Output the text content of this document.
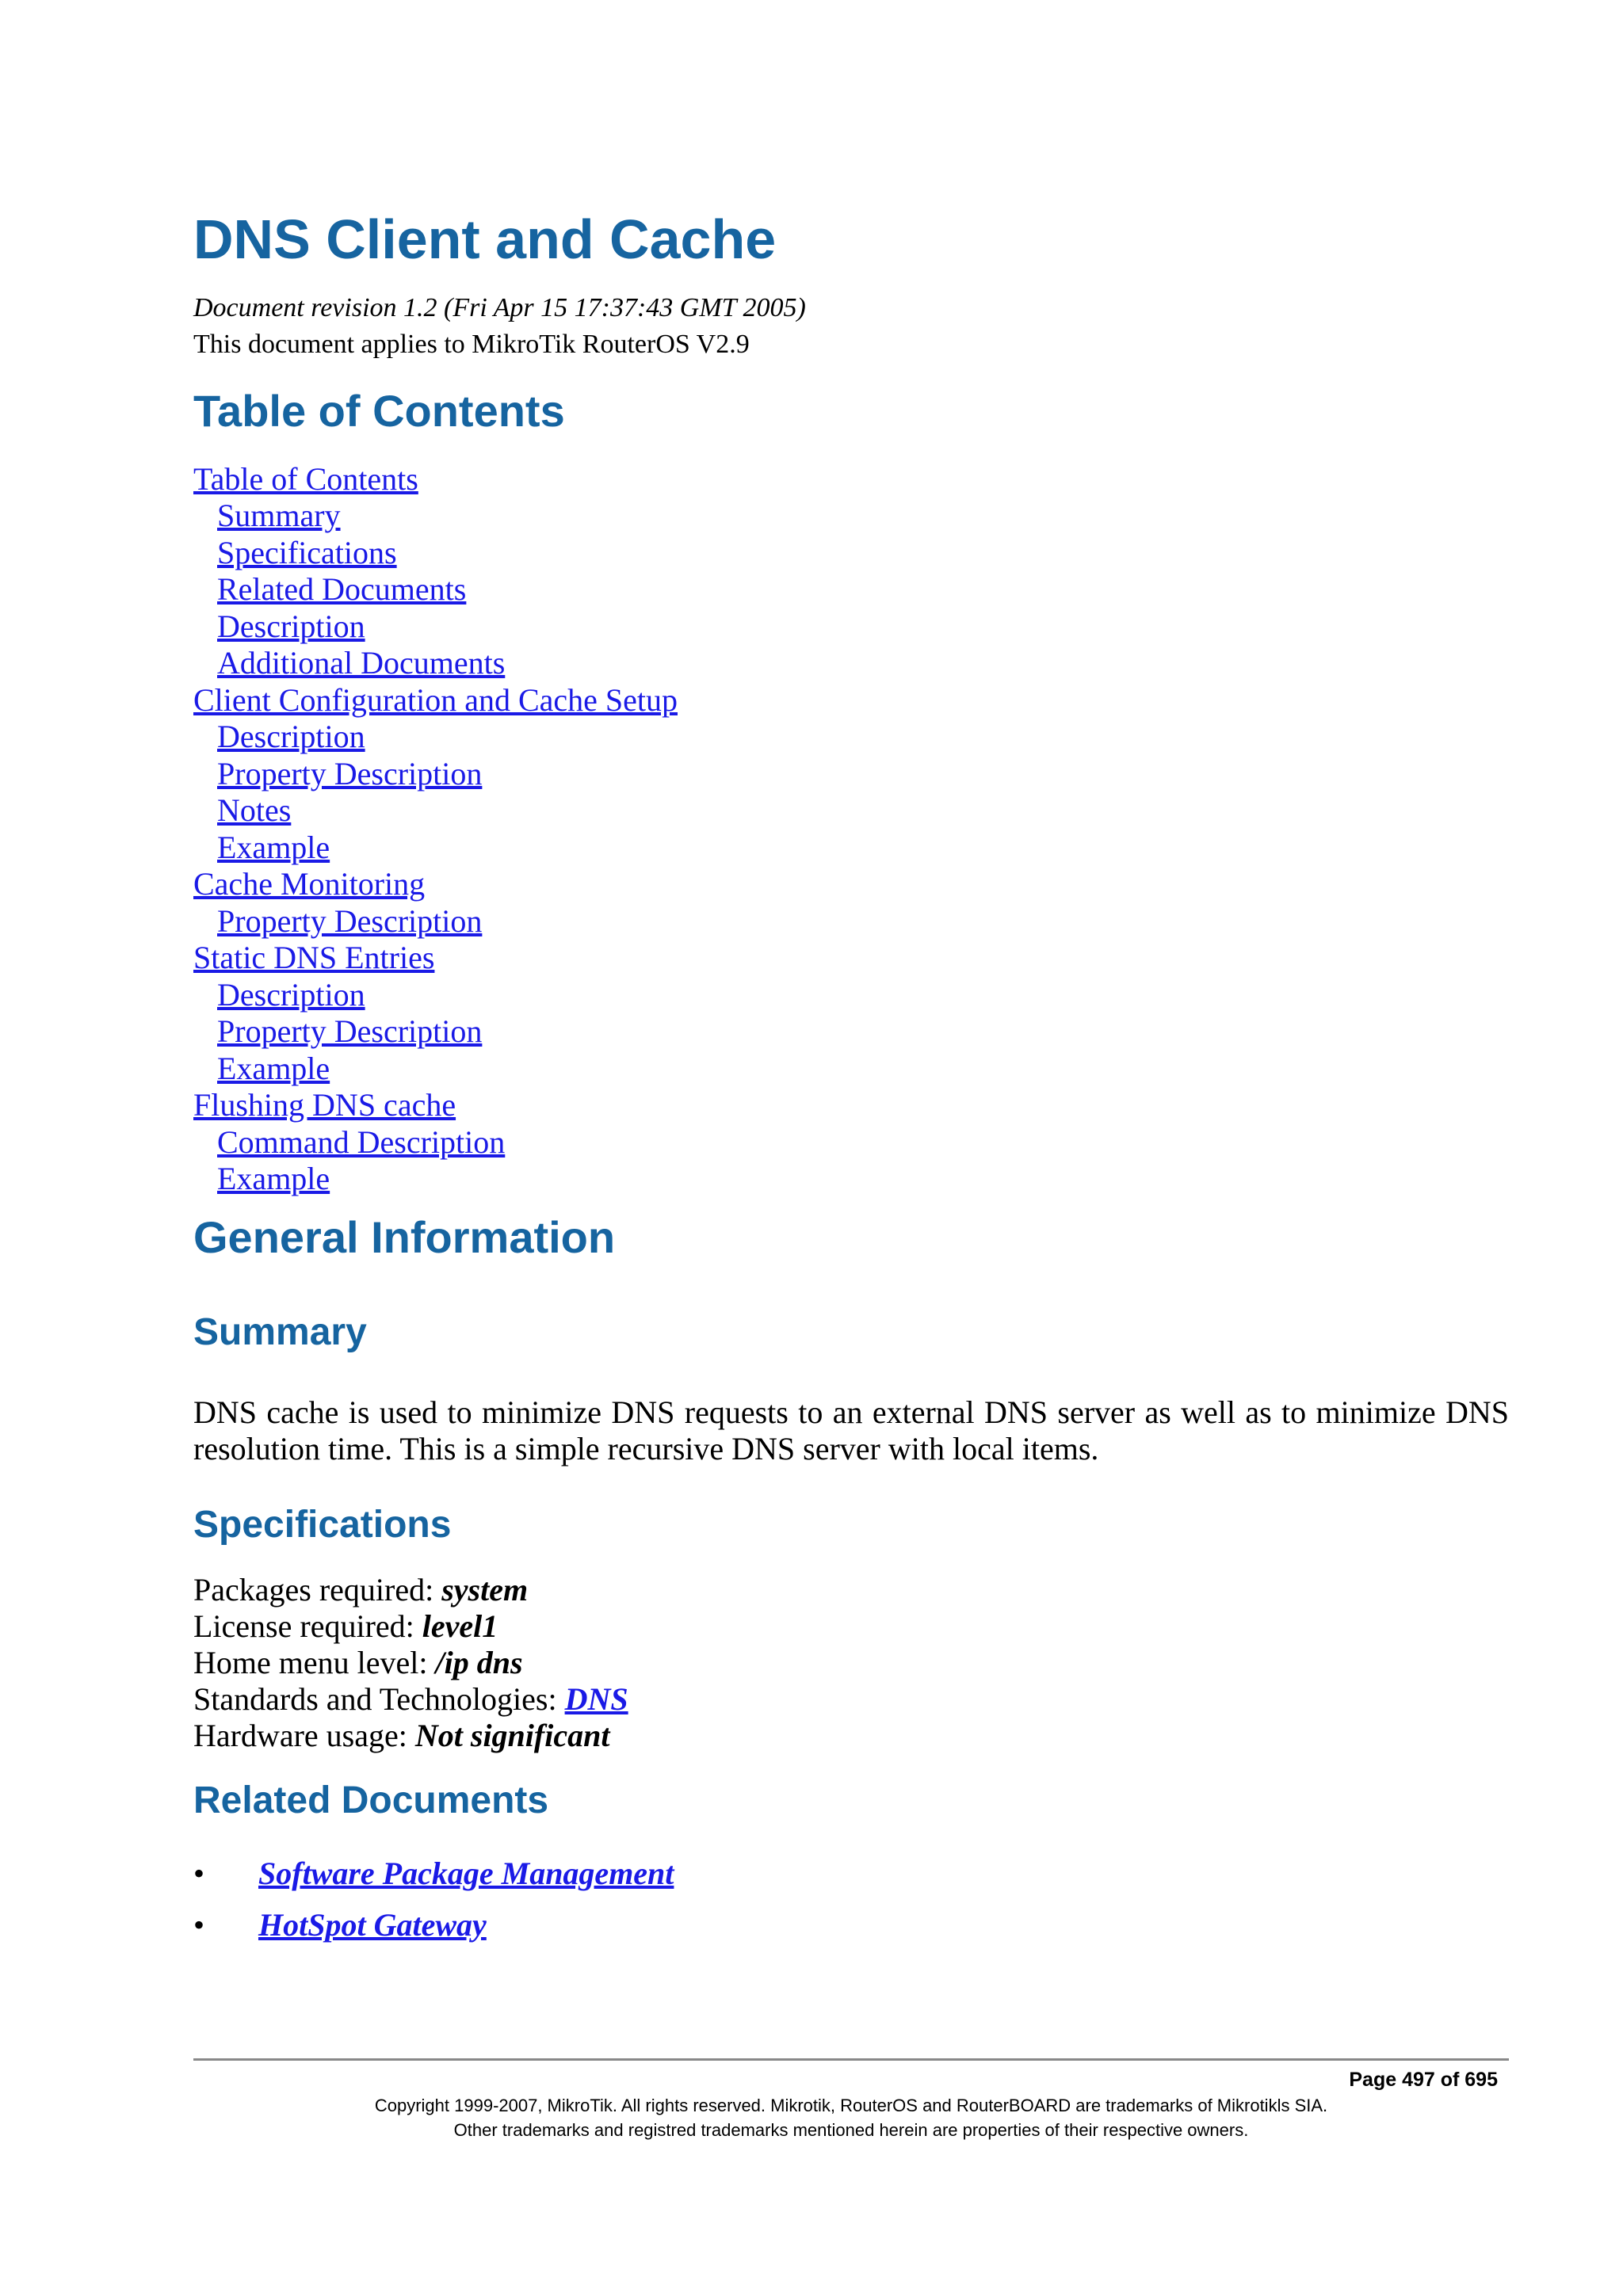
DNS Client and Cache
Document revision 1.2 (Fri Apr 15 17:37:43 GMT 2005)
This document applies to MikroTik RouterOS V2.9
Table of Contents
Table of Contents
Summary
Specifications
Related Documents
Description
Additional Documents
Client Configuration and Cache Setup
Description
Property Description
Notes
Example
Cache Monitoring
Property Description
Static DNS Entries
Description
Property Description
Example
Flushing DNS cache
Command Description
Example
General Information
Summary

DNS cache is used to minimize DNS requests to an external DNS server as well as to minimize DNS resolution time. This is a simple recursive DNS server with local items.

Specifications
Packages required: system
License required: level1
Home menu level: /ip dns
Standards and Technologies: DNS
Hardware usage: Not significant
Related Documents
• Software Package Management
• HotSpot Gateway
Page 497 of 695
Copyright 1999-2007, MikroTik. All rights reserved. Mikrotik, RouterOS and RouterBOARD are trademarks of Mikrotikls SIA.
Other trademarks and registred trademarks mentioned herein are properties of their respective owners.
